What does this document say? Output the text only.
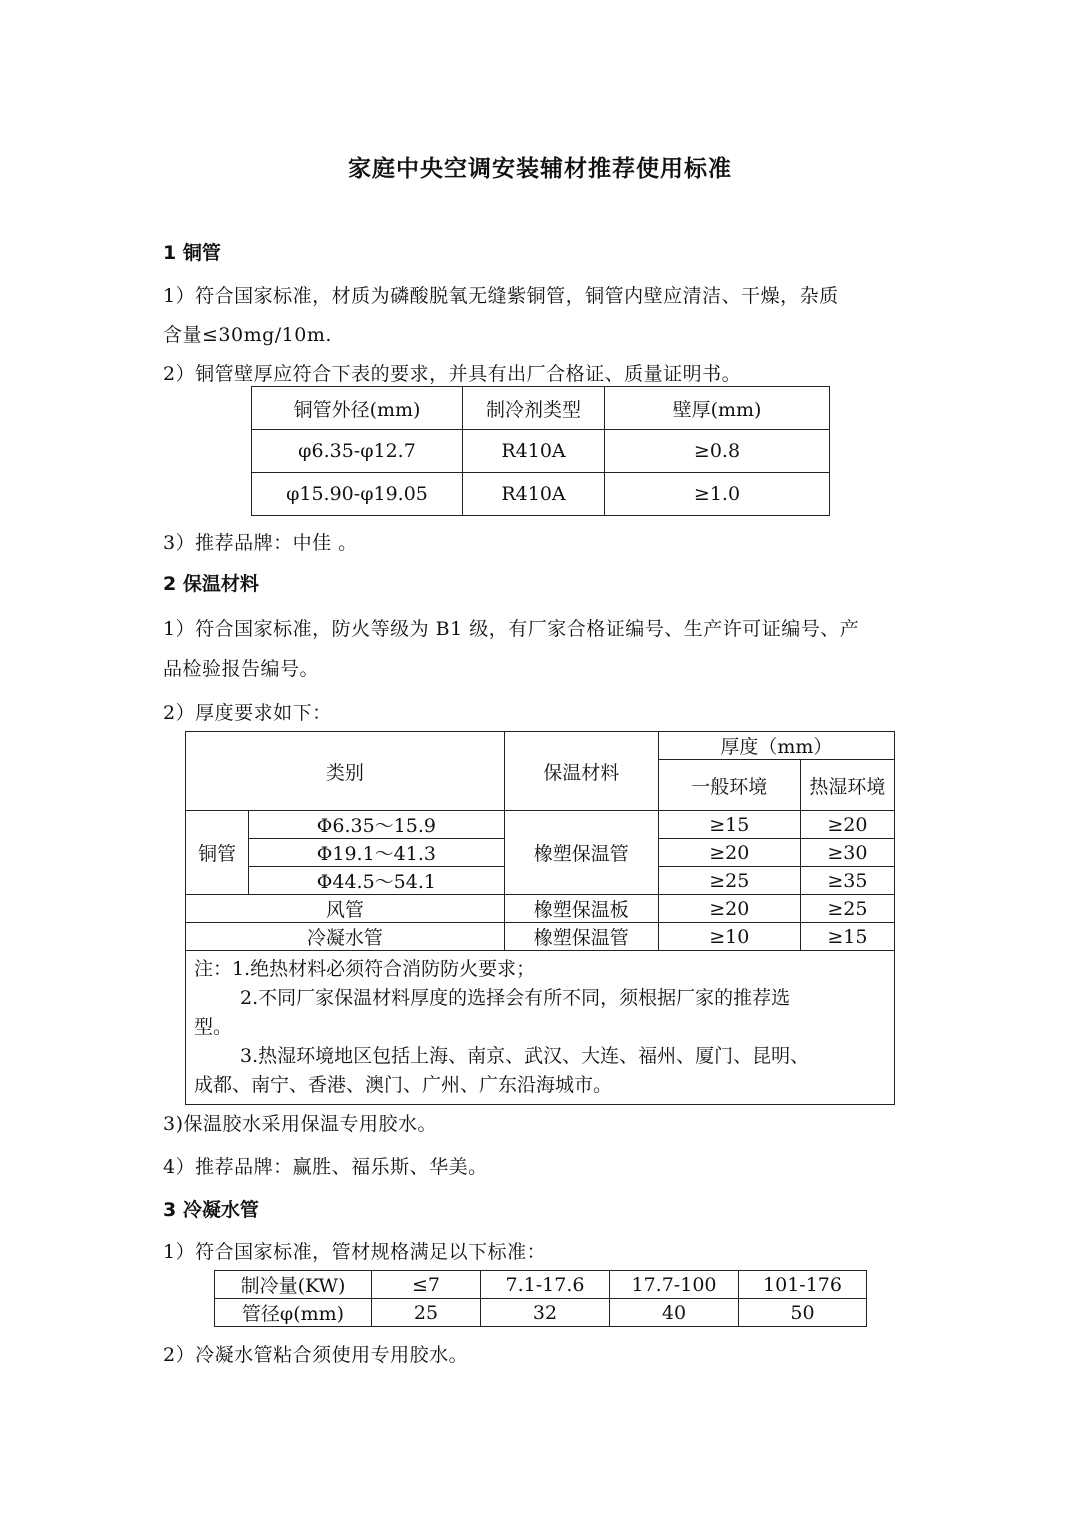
家庭中央空调安装辅材推荐使用标准
1 铜管
1）符合国家标准，材质为磷酸脱氧无缝紫铜管，铜管内壁应清洁、干燥，杂质
含量≤30mg/10m.
2）铜管壁厚应符合下表的要求，并具有出厂合格证、质量证明书。
铜管外径(mm)	制冷剂类型	壁厚(mm)
φ6.35-φ12.7	R410A	≥0.8
φ15.90-φ19.05	R410A	≥1.0
3）推荐品牌：中佳 。
2 保温材料
1）符合国家标准，防火等级为 B1 级，有厂家合格证编号、生产许可证编号、产
品检验报告编号。
2）厚度要求如下：
类别		保温材料	厚度（mm）	
			一般环境	热湿环境
铜管	Φ6.35～15.9	橡塑保温管	≥15	≥20
	Φ19.1～41.3		≥20	≥30
	Φ44.5～54.1		≥25	≥35
风管		橡塑保温板	≥20	≥25
冷凝水管		橡塑保温管	≥10	≥15

注：1.绝热材料必须符合消防防火要求；
2.不同厂家保温材料厚度的选择会有所不同，须根据厂家的推荐选
型。
3.热湿环境地区包括上海、南京、武汉、大连、福州、厦门、昆明、
成都、南宁、香港、澳门、广州、广东沿海城市。				
3)保温胶水采用保温专用胶水。
4）推荐品牌：赢胜、福乐斯、华美。
3 冷凝水管
1）符合国家标准，管材规格满足以下标准：
制冷量(KW)	≤7	7.1-17.6	17.7-100	101-176
管径φ(mm)	25	32	40	50
2）冷凝水管粘合须使用专用胶水。
